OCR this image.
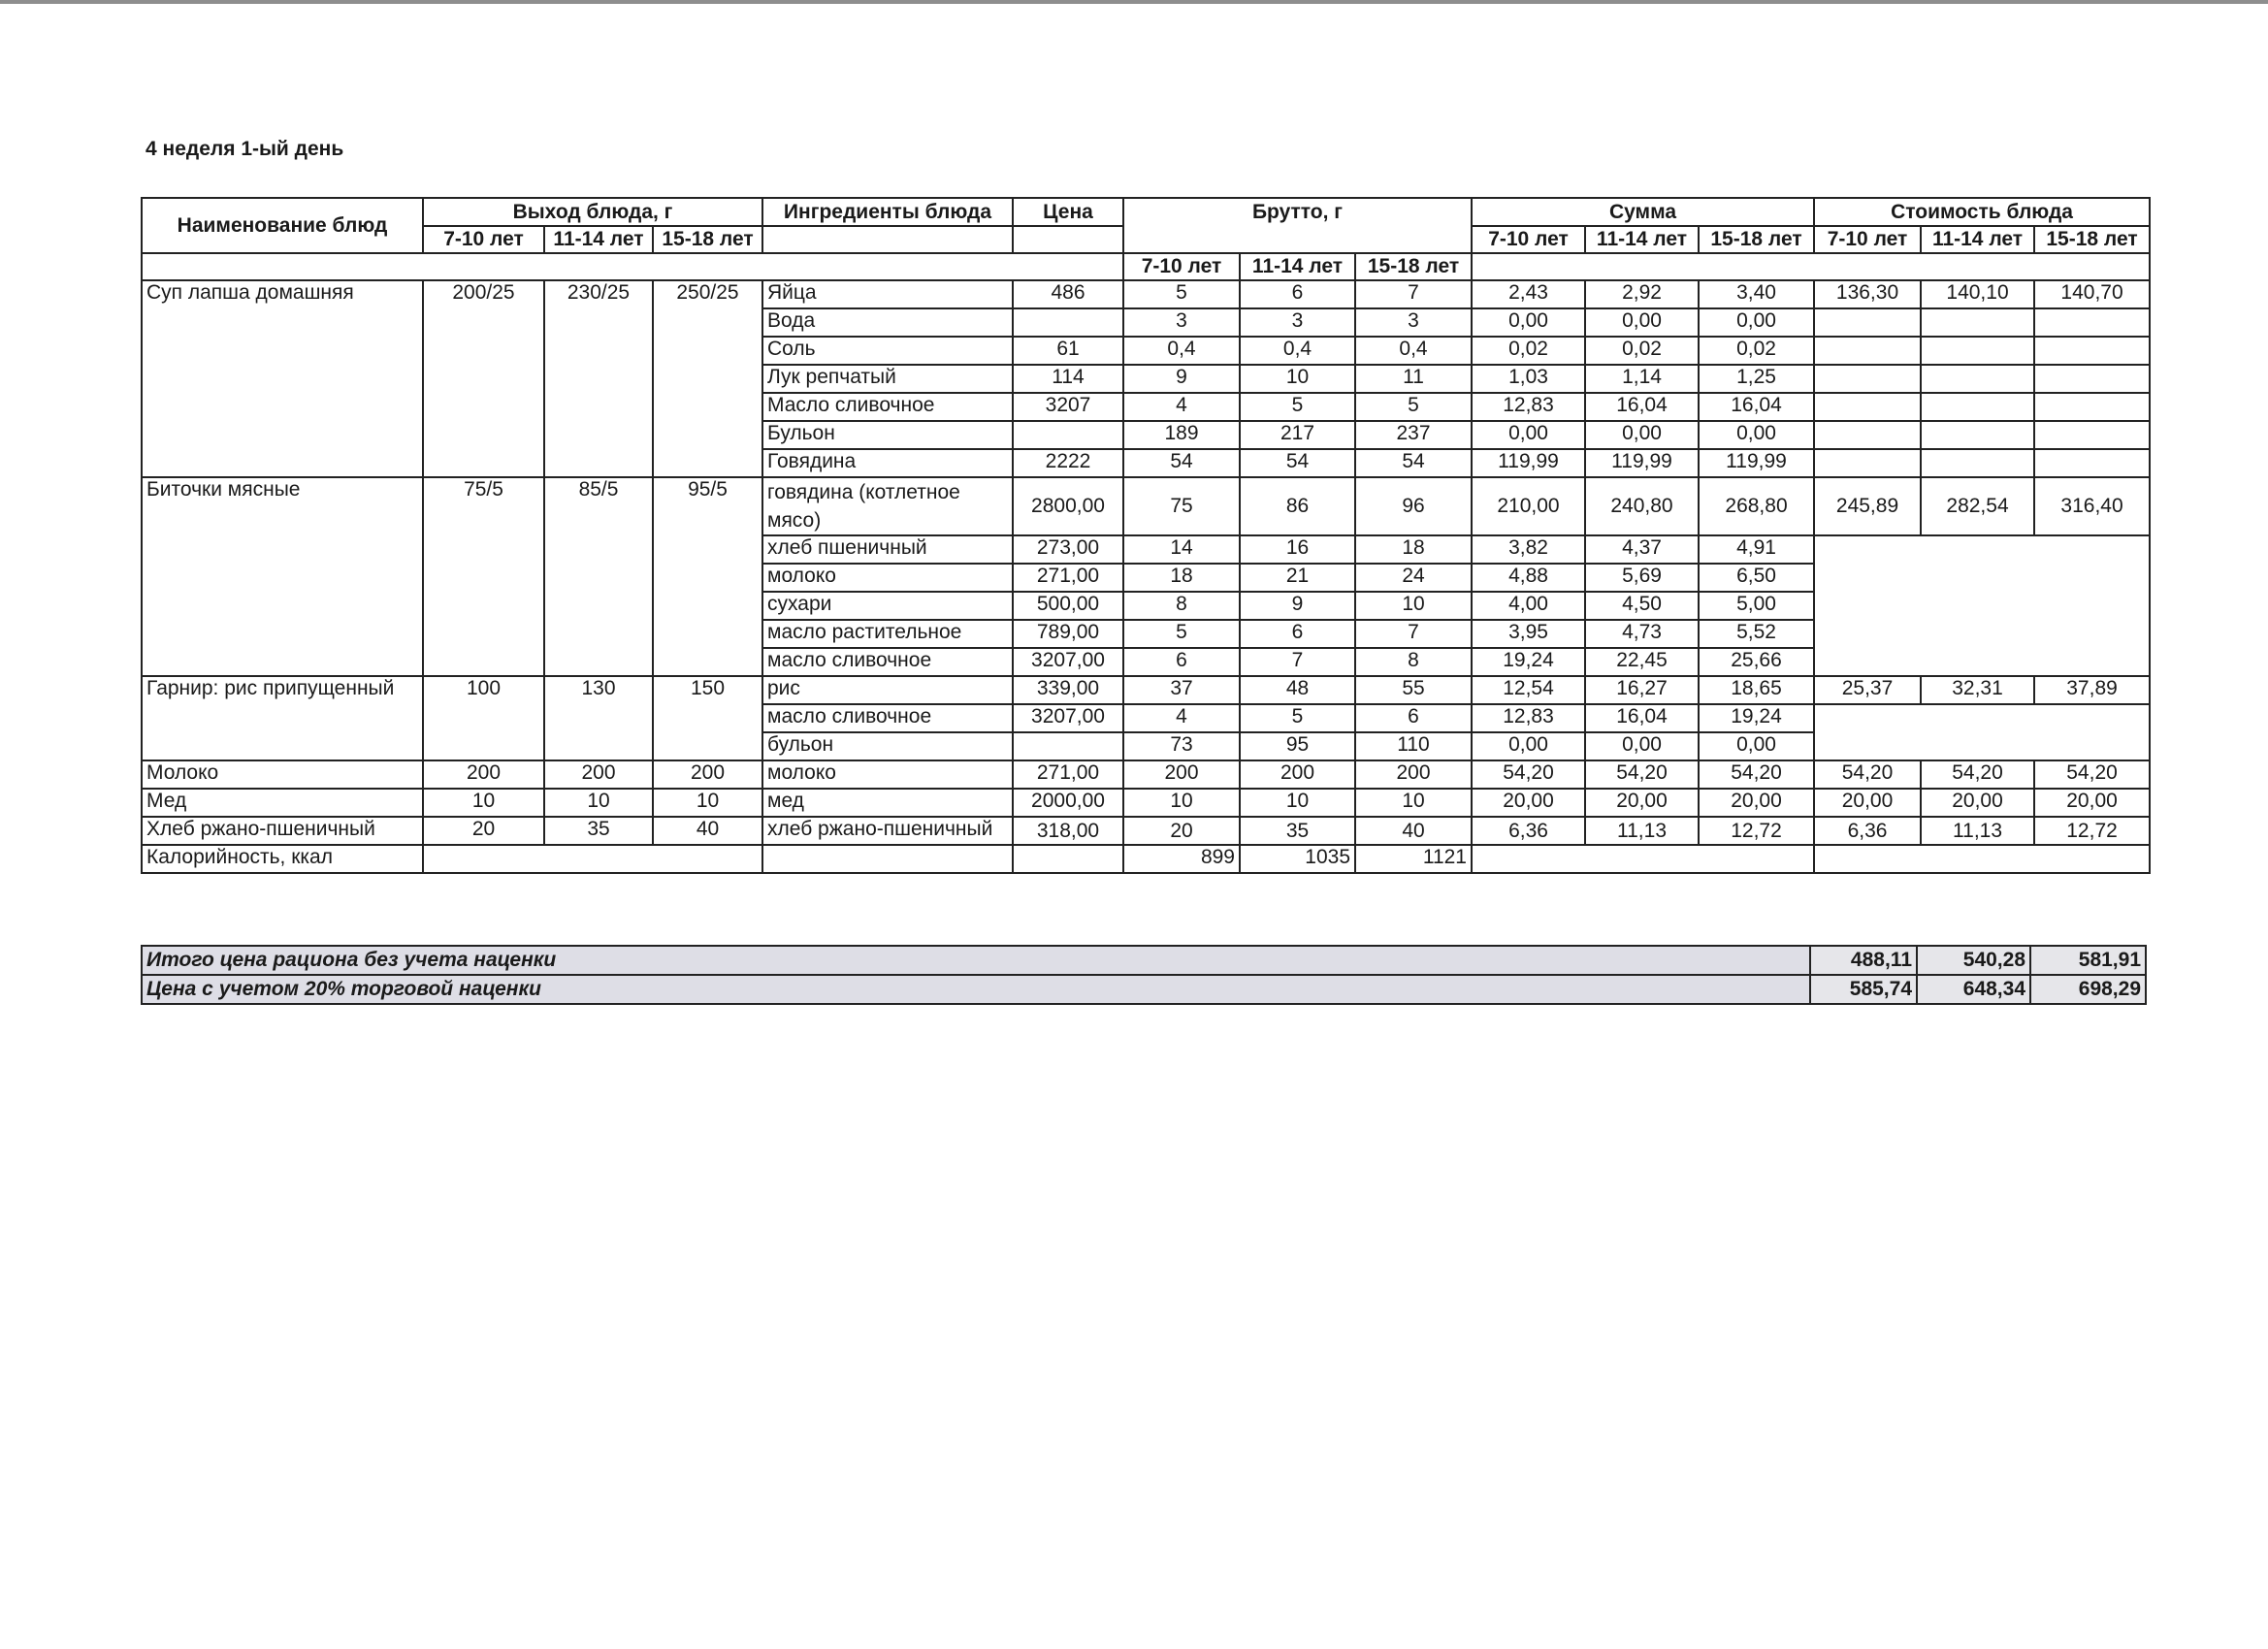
4 неделя 1-ый день
Наименование блюд	Выход блюда, г			Ингредиенты блюда	Цена	Брутто, г			Сумма			Стоимость блюда		
	7-10 лет	11-14 лет	15-18 лет						7-10 лет	11-14 лет	15-18 лет	7-10 лет	11-14 лет	15-18 лет
						7-10 лет	11-14 лет	15-18 лет						
Суп лапша домашняя	200/25	230/25	250/25	Яйца	486	5	6	7	2,43	2,92	3,40	136,30	140,10	140,70
				Вода		3	3	3	0,00	0,00	0,00			
				Соль	61	0,4	0,4	0,4	0,02	0,02	0,02			
				Лук репчатый	114	9	10	11	1,03	1,14	1,25			
				Масло сливочное	3207	4	5	5	12,83	16,04	16,04			
				Бульон		189	217	237	0,00	0,00	0,00			
				Говядина	2222	54	54	54	119,99	119,99	119,99			
Биточки мясные	75/5	85/5	95/5	говядина (котлетное мясо)	2800,00	75	86	96	210,00	240,80	268,80	245,89	282,54	316,40
				хлеб пшеничный	273,00	14	16	18	3,82	4,37	4,91			
				молоко	271,00	18	21	24	4,88	5,69	6,50			
				сухари	500,00	8	9	10	4,00	4,50	5,00			
				масло растительное	789,00	5	6	7	3,95	4,73	5,52			
				масло сливочное	3207,00	6	7	8	19,24	22,45	25,66			
Гарнир: рис припущенный	100	130	150	рис	339,00	37	48	55	12,54	16,27	18,65	25,37	32,31	37,89
				масло сливочное	3207,00	4	5	6	12,83	16,04	19,24			
				бульон		73	95	110	0,00	0,00	0,00			
Молоко	200	200	200	молоко	271,00	200	200	200	54,20	54,20	54,20	54,20	54,20	54,20
Мед	10	10	10	мед	2000,00	10	10	10	20,00	20,00	20,00	20,00	20,00	20,00
Хлеб ржано-пшеничный	20	35	40	хлеб ржано-пшеничный	318,00	20	35	40	6,36	11,13	12,72	6,36	11,13	12,72
Калорийность, ккал						899	1035	1121						
Итого цена рациона без учета наценки	488,11	540,28	581,91
Цена с учетом 20% торговой наценки	585,74	648,34	698,29
